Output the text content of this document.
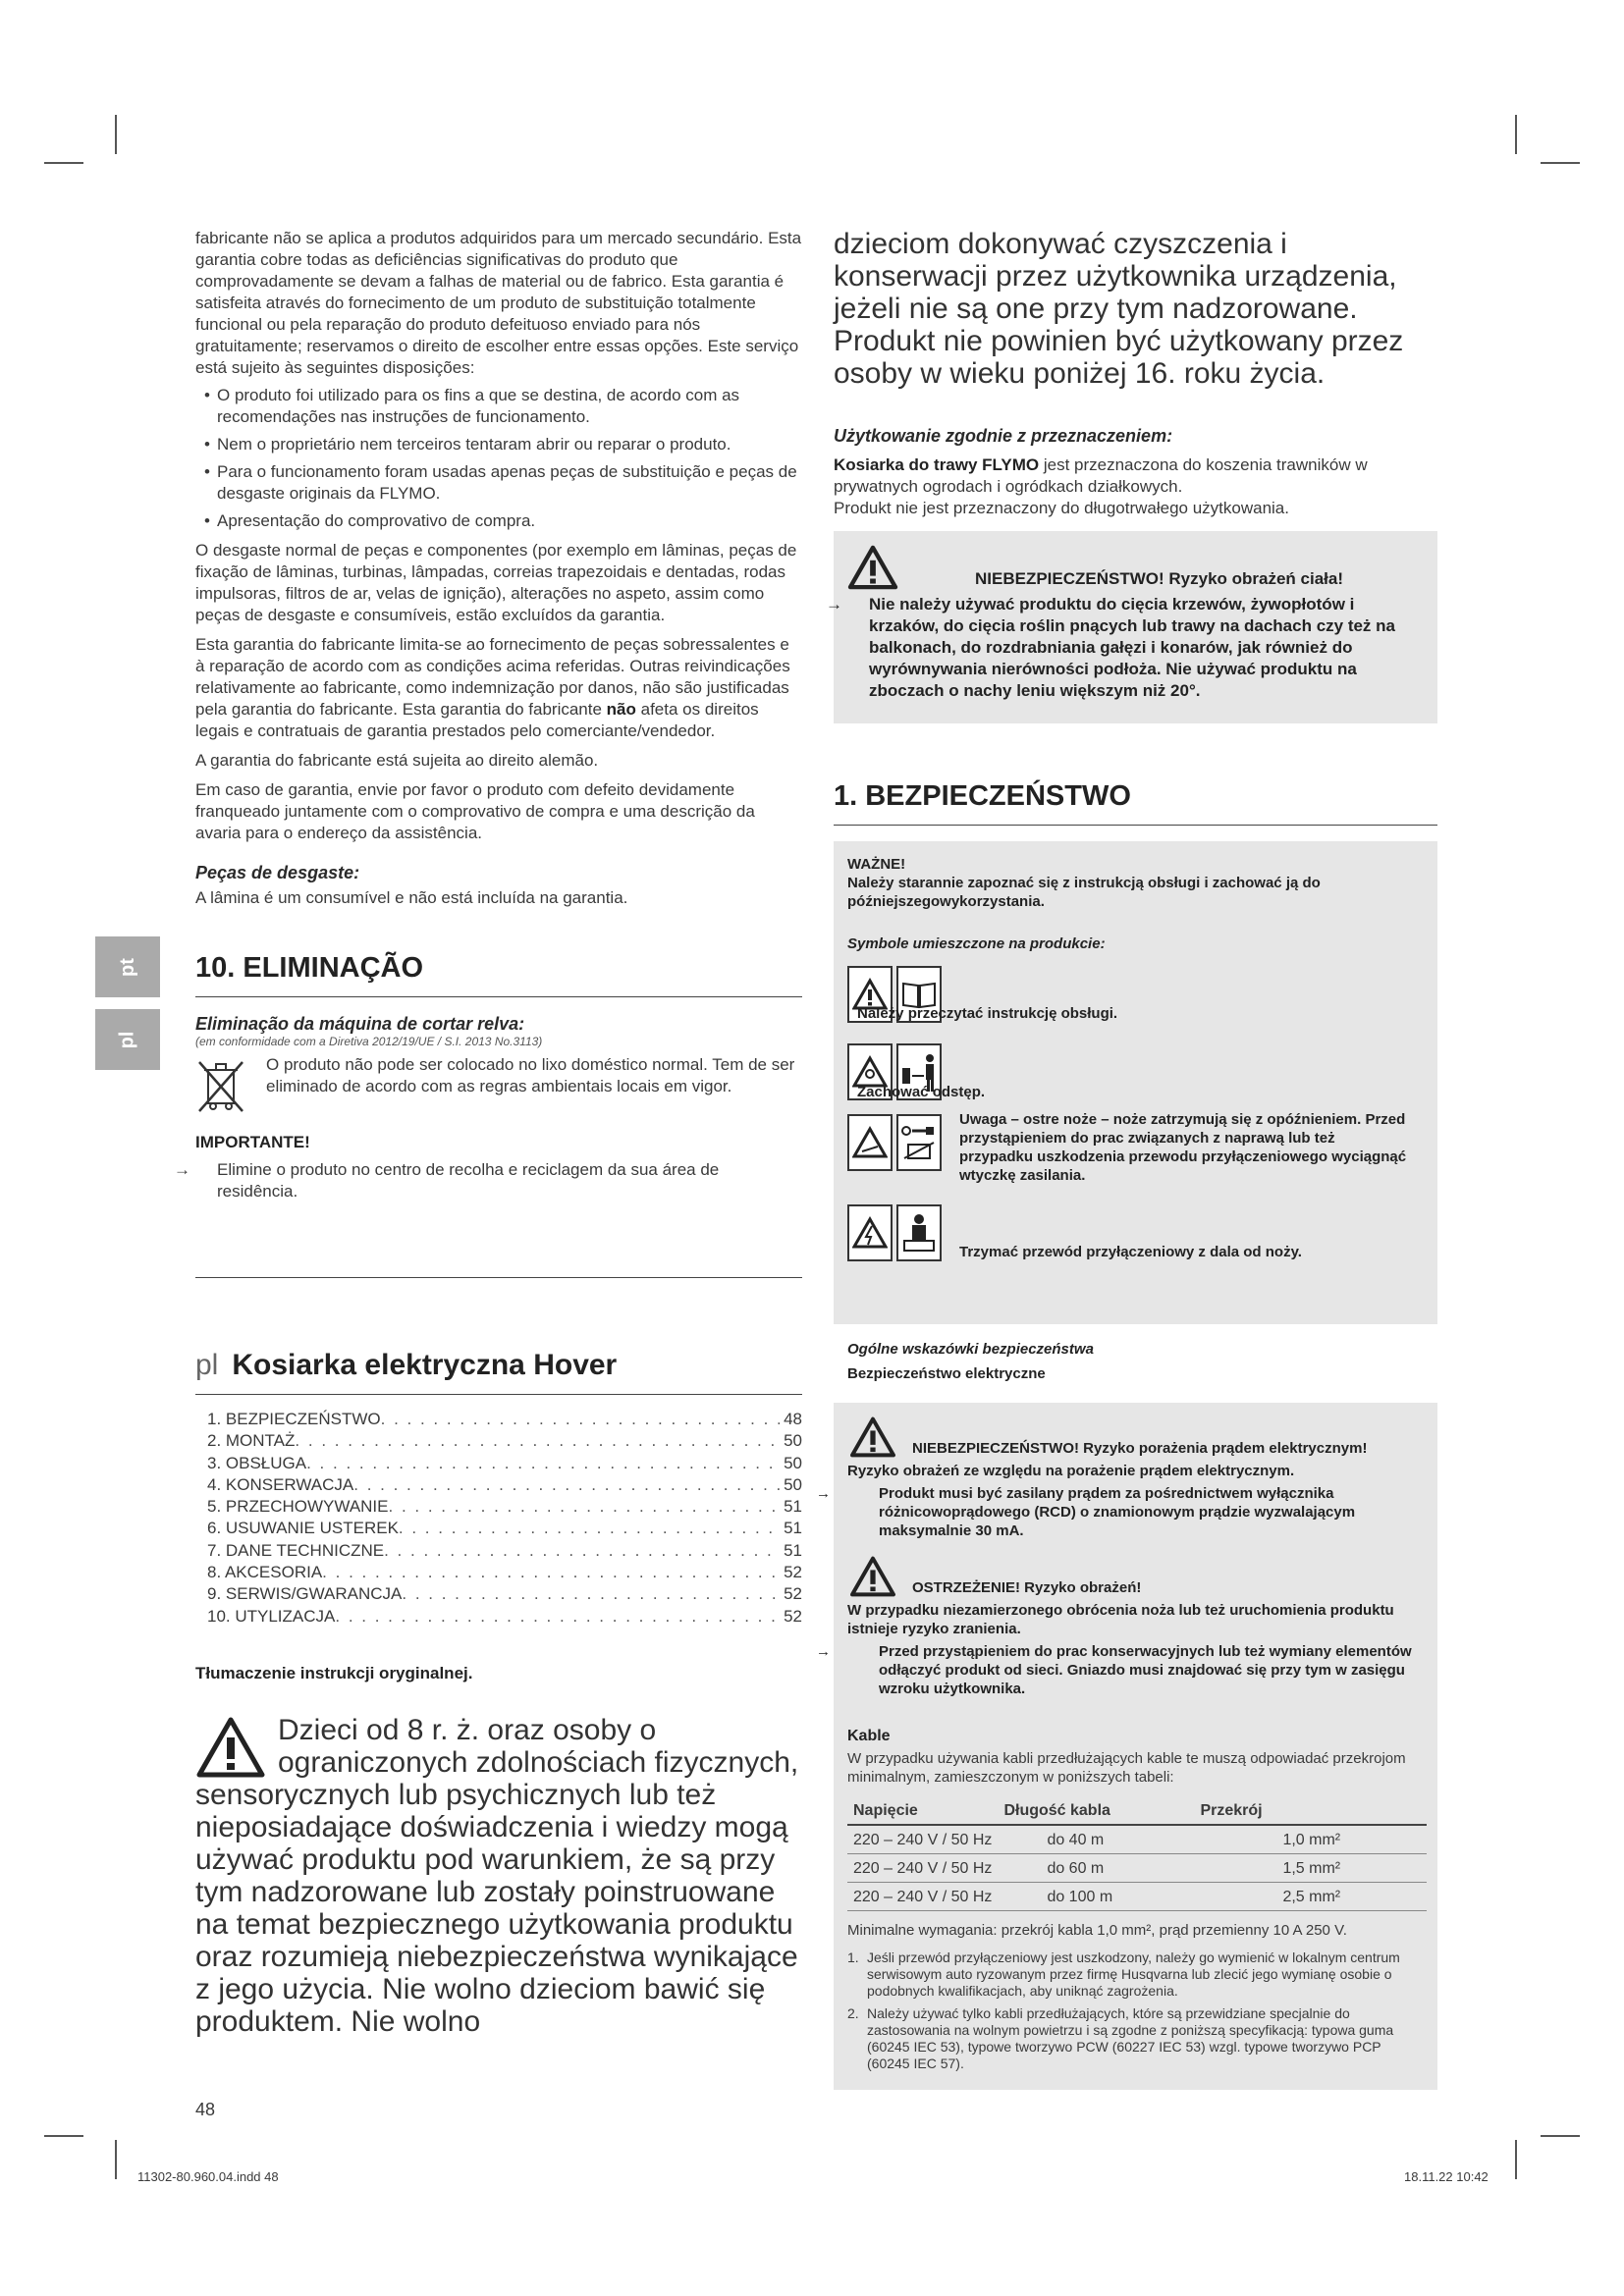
pt
pl

fabricante não se aplica a produtos adquiridos para um mercado secundário. Esta garantia cobre todas as deficiências significativas do produto que comprovadamente se devam a falhas de material ou de fabrico. Esta garantia é satisfeita através do fornecimento de um produto de substituição totalmente funcional ou pela reparação do produto defeituoso enviado para nós gratuitamente; reservamos o direito de escolher entre essas opções. Este serviço está sujeito às seguintes disposições:

• O produto foi utilizado para os fins a que se destina, de acordo com as recomendações nas instruções de funcionamento.
• Nem o proprietário nem terceiros tentaram abrir ou reparar o produto.
• Para o funcionamento foram usadas apenas peças de substituição e peças de desgaste originais da FLYMO.
• Apresentação do comprovativo de compra.

O desgaste normal de peças e componentes (por exemplo em lâminas, peças de fixação de lâminas, turbinas, lâmpadas, correias trapezoidais e dentadas, rodas impulsoras, filtros de ar, velas de ignição), alterações no aspeto, assim como peças de desgaste e consumíveis, estão excluídos da garantia.

Esta garantia do fabricante limita-se ao fornecimento de peças sobressalentes e à reparação de acordo com as condições acima referidas. Outras reivindicações relativamente ao fabricante, como indemnização por danos, não são justificadas pela garantia do fabricante. Esta garantia do fabricante não afeta os direitos legais e contratuais de garantia prestados pelo comerciante/vendedor.

A garantia do fabricante está sujeita ao direito alemão.

Em caso de garantia, envie por favor o produto com defeito devidamente franqueado juntamente com o comprovativo de compra e uma descrição da avaria para o endereço da assistência.

Peças de desgaste:

A lâmina é um consumível e não está incluída na garantia.

10. ELIMINAÇÃO

Eliminação da máquina de cortar relva:

(em conformidade com a Diretiva 2012/19/UE / S.I. 2013 No.3113)

O produto não pode ser colocado no lixo doméstico normal. Tem de ser eliminado de acordo com as regras ambientais locais em vigor.

IMPORTANTE!

→ Elimine o produto no centro de recolha e reciclagem da sua área de residência.

pl Kosiarka elektryczna Hover
1. BEZPIECZEŃSTWO . . .	48
2. MONTAŻ . . .	50
3. OBSŁUGA . . .	50
4. KONSERWACJA . . .	50
5. PRZECHOWYWANIE . . .	51
6. USUWANIE USTEREK . . .	51
7. DANE TECHNICZNE . . .	51
8. AKCESORIA . . .	52
9. SERWIS/GWARANCJA . . .	52
10. UTYLIZACJA . . .	52

Tłumaczenie instrukcji oryginalnej.

Dzieci od 8 r. ż. oraz osoby o ograniczonych zdolnościach fizycznych, sensorycznych lub psychicznych lub też nieposiadające doświadczenia i wiedzy mogą używać produktu pod warunkiem, że są przy tym nadzorowane lub zostały poinstruowane na temat bezpiecznego użytkowania produktu oraz rozumieją niebezpieczeństwa wynikające z jego użycia. Nie wolno dzieciom bawić się produktem. Nie wolno

dzieciom dokonywać czyszczenia i konserwacji przez użytkownika urządzenia, jeżeli nie są one przy tym nadzorowane. Produkt nie powinien być użytkowany przez osoby w wieku poniżej 16. roku życia.

Użytkowanie zgodnie z przeznaczeniem:

Kosiarka do trawy FLYMO jest przeznaczona do koszenia trawników w prywatnych ogrodach i ogródkach działkowych.

Produkt nie jest przeznaczony do długotrwałego użytkowania.

NIEBEZPIECZEŃSTWO! Ryzyko obrażeń ciała!

→ Nie należy używać produktu do cięcia krzewów, żywopłotów i krzaków, do cięcia roślin pnących lub trawy na dachach czy też na balkonach, do rozdrabniania gałęzi i konarów, jak również do wyrównywania nierówności podłoża. Nie używać produktu na zboczach o nachy leniu większym niż 20°.

1. BEZPIECZEŃSTWO

WAŻNE!

Należy starannie zapoznać się z instrukcją obsługi i zachować ją do późniejszegowykorzystania.

Symbole umieszczone na produkcie:

Należy przeczytać instrukcję obsługi.

Zachować odstęp.

Uwaga – ostre noże – noże zatrzymują się z opóźnieniem. Przed przystąpieniem do prac związanych z naprawą lub też przypadku uszkodzenia przewodu przyłączeniowego wyciągnąć wtyczkę zasilania.

Trzymać przewód przyłączeniowy z dala od noży.

Ogólne wskazówki bezpieczeństwa

Bezpieczeństwo elektryczne

NIEBEZPIECZEŃSTWO! Ryzyko porażenia prądem elektrycznym!

Ryzyko obrażeń ze względu na porażenie prądem elektrycznym.

→	Produkt musi być zasilany prądem za pośrednictwem wyłącznika różnicowoprądowego (RCD) o znamionowym prądzie wyzwalającym maksymalnie 30 mA.

OSTRZEŻENIE! Ryzyko obrażeń!

W przypadku niezamierzonego obrócenia noża lub też uruchomienia produktu istnieje ryzyko zranienia.

→	Przed przystąpieniem do prac konserwacyjnych lub też wymiany elementów odłączyć produkt od sieci. Gniazdo musi znajdować się przy tym w zasięgu wzroku użytkownika.

Kable

W przypadku używania kabli przedłużających kable te muszą odpowiadać przekrojom minimalnym, zamieszczonym w poniższych tabeli:

Napięcie	Długość kabla	Przekrój
220 – 240 V / 50 Hz	do 40 m	1,0 mm²
220 – 240 V / 50 Hz	do 60 m	1,5 mm²
220 – 240 V / 50 Hz	do 100 m	2,5 mm²

Minimalne wymagania: przekrój kabla 1,0 mm², prąd przemienny 10 A 250 V.

1. Jeśli przewód przyłączeniowy jest uszkodzony, należy go wymienić w lokalnym centrum serwisowym auto ryzowanym przez firmę Husqvarna lub zlecić jego wymianę osobie o podobnych kwalifikacjach, aby uniknąć zagrożenia.
2. Należy używać tylko kabli przedłużających, które są przewidziane specjalnie do zastosowania na wolnym powietrzu i są zgodne z poniższą specyfikacją: typowa guma (60245 IEC 53), typowe tworzywo PCW (60227 IEC 53) wzgl. typowe tworzywo PCP (60245 IEC 57).
48
11302-80.960.04.indd 48	18.11.22 10:42
